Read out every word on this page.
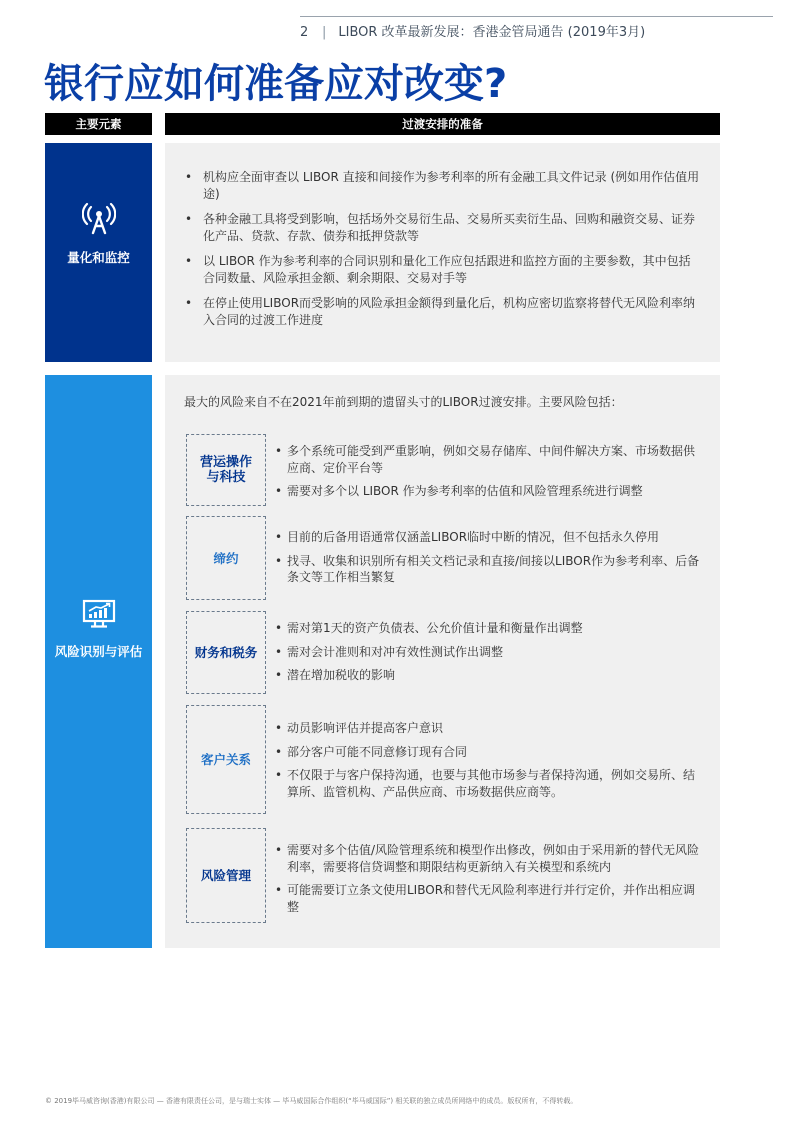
2 | LIBOR 改革最新发展：香港金管局通告 (2019年3月)
银行应如何准备应对改变?
主要元素	过渡安排的准备
量化和监控
• 机构应全面审查以 LIBOR 直接和间接作为参考利率的所有金融工具文件记录 (例如用作估值用途)
• 各种金融工具将受到影响，包括场外交易衍生品、交易所买卖衍生品、回购和融资交易、证券化产品、贷款、存款、债券和抵押贷款等
• 以 LIBOR 作为参考利率的合同识别和量化工作应包括跟进和监控方面的主要参数，其中包括合同数量、风险承担金额、剩余期限、交易对手等
• 在停止使用LIBOR而受影响的风险承担金额得到量化后，机构应密切监察将替代无风险利率纳入合同的过渡工作进度
风险识别与评估
最大的风险来自不在2021年前到期的遗留头寸的LIBOR过渡安排。主要风险包括：
营运操作与科技
• 多个系统可能受到严重影响，例如交易存储库、中间件解决方案、市场数据供应商、定价平台等
• 需要对多个以 LIBOR 作为参考利率的估值和风险管理系统进行调整
缔约
• 目前的后备用语通常仅涵盖LIBOR临时中断的情况，但不包括永久停用
• 找寻、收集和识别所有相关文档记录和直接/间接以LIBOR作为参考利率、后备条文等工作相当繁复
财务和税务
• 需对第1天的资产负债表、公允价值计量和衡量作出调整
• 需对会计准则和对冲有效性测试作出调整
• 潜在增加税收的影响
客户关系
• 动员影响评估并提高客户意识
• 部分客户可能不同意修订现有合同
• 不仅限于与客户保持沟通，也要与其他市场参与者保持沟通，例如交易所、结算所、监管机构、产品供应商、市场数据供应商等。
风险管理
• 需要对多个估值/风险管理系统和模型作出修改，例如由于采用新的替代无风险利率，需要将信贷调整和期限结构更新纳入有关模型和系统内
• 可能需要订立条文使用LIBOR和替代无风险利率进行并行定价，并作出相应调整
© 2019毕马威咨询(香港)有限公司 — 香港有限责任公司，是与瑞士实体 — 毕马威国际合作组织(“毕马威国际”) 相关联的独立成员所网络中的成员。版权所有，不得转载。
